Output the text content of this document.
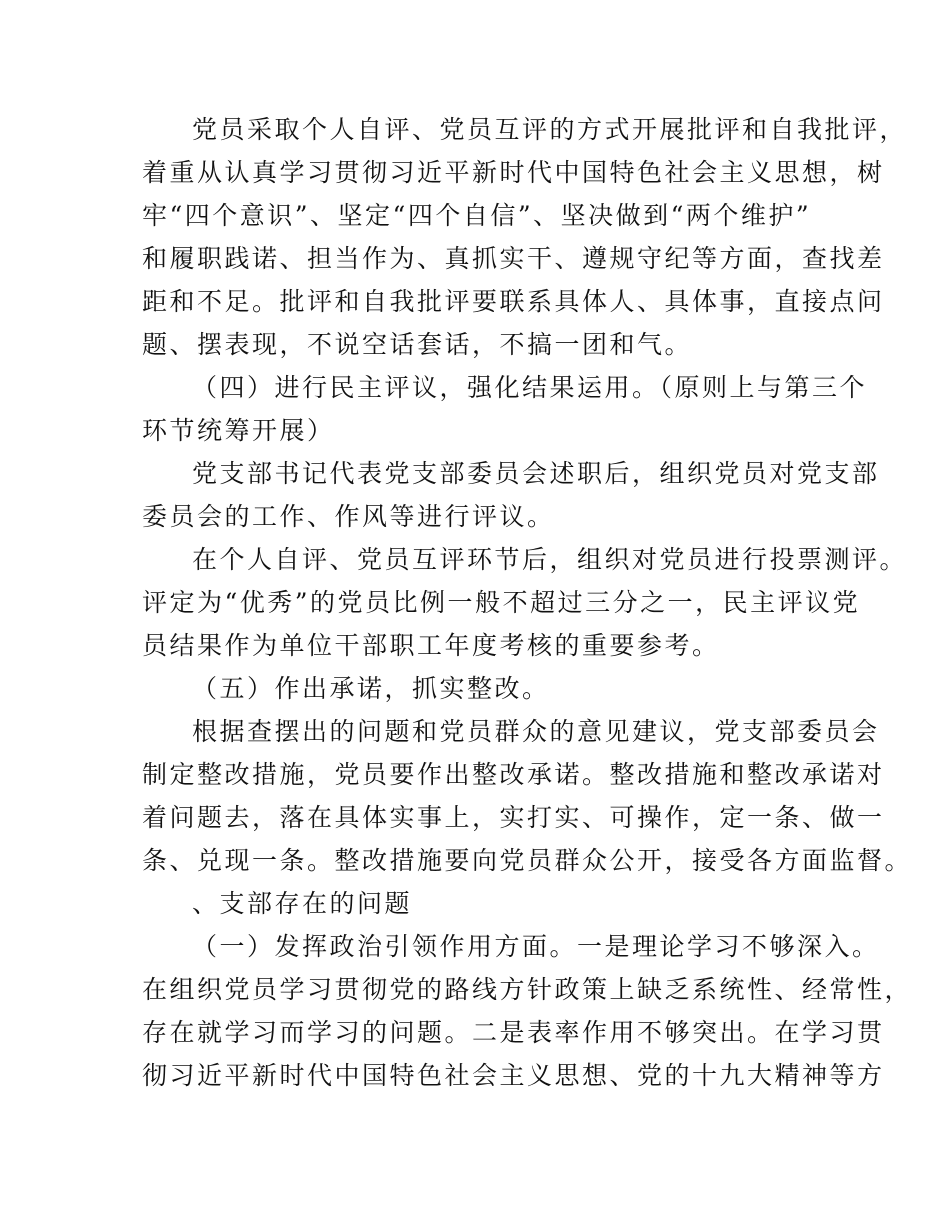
党员采取个人自评、党员互评的方式开展批评和自我批评，
着重从认真学习贯彻习近平新时代中国特色社会主义思想，树
牢“四个意识”、坚定“四个自信”、坚决做到“两个维护”
和履职践诺、担当作为、真抓实干、遵规守纪等方面，查找差
距和不足。批评和自我批评要联系具体人、具体事，直接点问
题、摆表现，不说空话套话，不搞一团和气。
（四）进行民主评议，强化结果运用。（原则上与第三个
环节统筹开展）
党支部书记代表党支部委员会述职后，组织党员对党支部
委员会的工作、作风等进行评议。
在个人自评、党员互评环节后，组织对党员进行投票测评。
评定为“优秀”的党员比例一般不超过三分之一，民主评议党
员结果作为单位干部职工年度考核的重要参考。
（五）作出承诺，抓实整改。
根据查摆出的问题和党员群众的意见建议，党支部委员会
制定整改措施，党员要作出整改承诺。整改措施和整改承诺对
着问题去，落在具体实事上，实打实、可操作，定一条、做一
条、兑现一条。整改措施要向党员群众公开，接受各方面监督。
、支部存在的问题
（一）发挥政治引领作用方面。一是理论学习不够深入。
在组织党员学习贯彻党的路线方针政策上缺乏系统性、经常性，
存在就学习而学习的问题。二是表率作用不够突出。在学习贯
彻习近平新时代中国特色社会主义思想、党的十九大精神等方
